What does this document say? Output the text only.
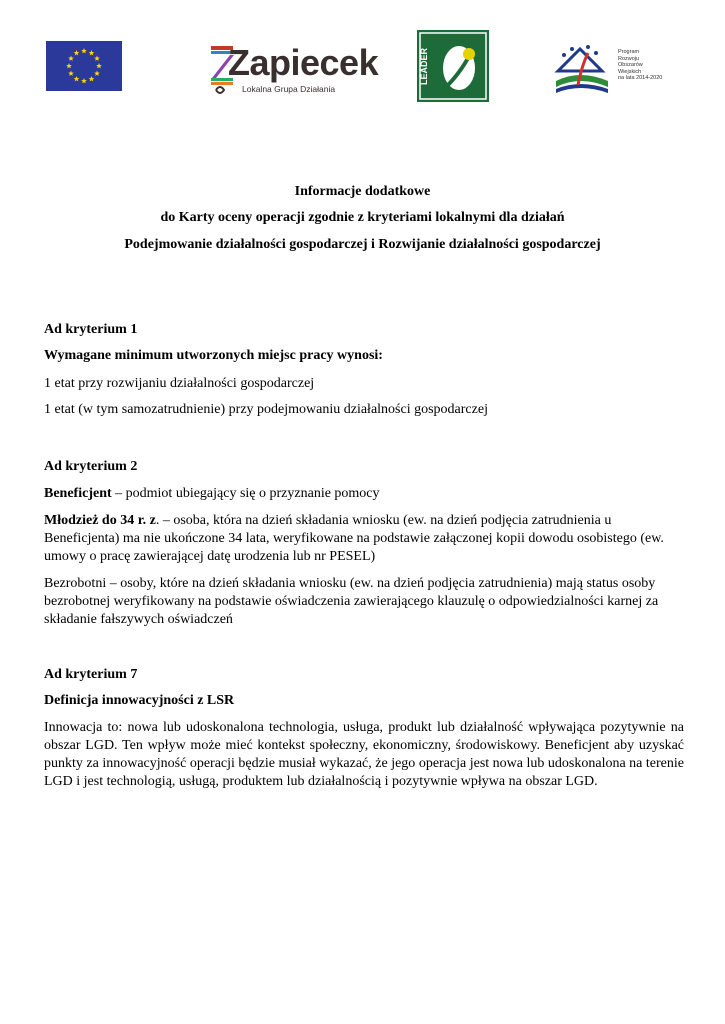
Zapiecek
Lokalna Grupa Działania
LEADER	Program
Rozwoju
Obszarów
Wiejskich
na lata 2014-2020
Informacje dodatkowe
do Karty oceny operacji zgodnie z kryteriami lokalnymi dla działań
Podejmowanie działalności gospodarczej i Rozwijanie działalności gospodarczej
Ad kryterium 1
Wymagane minimum utworzonych miejsc pracy wynosi:
1 etat przy rozwijaniu działalności gospodarczej
1 etat (w tym samozatrudnienie) przy podejmowaniu działalności gospodarczej
Ad kryterium 2
Beneficjent – podmiot ubiegający się o przyznanie pomocy
Młodzież do 34 r. z. – osoba, która na dzień składania wniosku (ew. na dzień podjęcia zatrudnienia u Beneficjenta) ma nie ukończone 34 lata, weryfikowane na podstawie załączonej kopii dowodu osobistego (ew. umowy o pracę zawierającej datę urodzenia lub nr PESEL)
Bezrobotni – osoby, które na dzień składania wniosku (ew. na dzień podjęcia zatrudnienia) mają status osoby bezrobotnej weryfikowany na podstawie oświadczenia zawierającego klauzulę o odpowiedzialności karnej za składanie fałszywych oświadczeń
Ad kryterium 7
Definicja innowacyjności z LSR
Innowacja to: nowa lub udoskonalona technologia, usługa, produkt lub działalność wpływająca pozytywnie na obszar LGD. Ten wpływ może mieć kontekst społeczny, ekonomiczny, środowiskowy. Beneficjent aby uzyskać punkty za innowacyjność operacji będzie musiał wykazać, że jego operacja jest nowa lub udoskonalona na terenie LGD i jest technologią, usługą, produktem lub działalnością i pozytywnie wpływa na obszar LGD.
